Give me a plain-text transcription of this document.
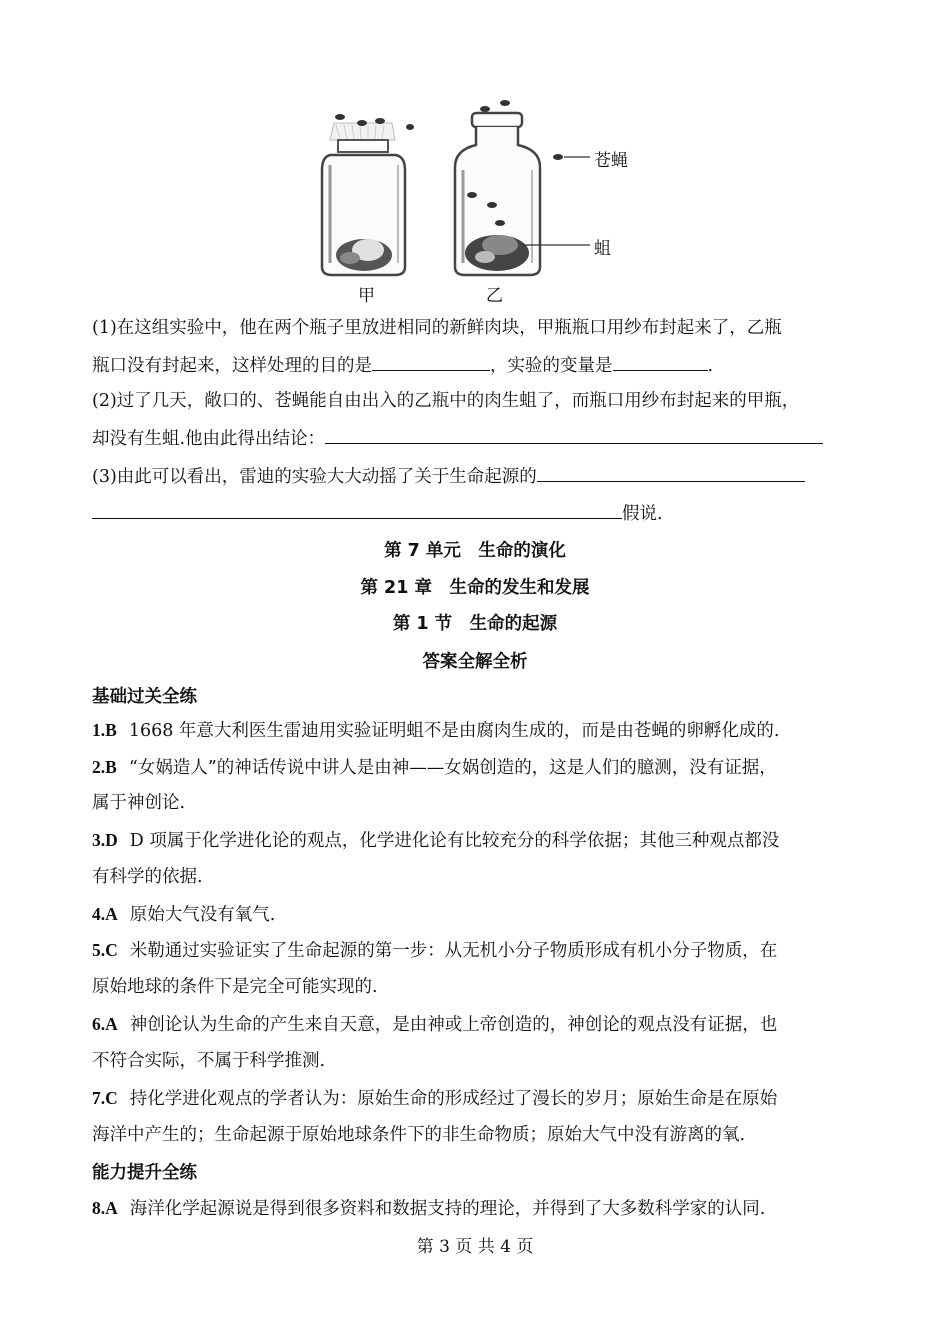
苍蝇
蛆
甲	乙
(1)在这组实验中，他在两个瓶子里放进相同的新鲜肉块，甲瓶瓶口用纱布封起来了，乙瓶
瓶口没有封起来，这样处理的目的是	，实验的变量是	.
(2)过了几天，敞口的、苍蝇能自由出入的乙瓶中的肉生蛆了，而瓶口用纱布封起来的甲瓶，
却没有生蛆.他由此得出结论：
(3)由此可以看出，雷迪的实验大大动摇了关于生命起源的
假说.
第 7 单元　生命的演化
第 21 章　生命的发生和发展
第 1 节　生命的起源
答案全解全析
基础过关全练
1.B 1668 年意大利医生雷迪用实验证明蛆不是由腐肉生成的，而是由苍蝇的卵孵化成的.
2.B “女娲造人”的神话传说中讲人是由神——女娲创造的，这是人们的臆测，没有证据，
属于神创论.
3.D D 项属于化学进化论的观点，化学进化论有比较充分的科学依据；其他三种观点都没
有科学的依据.
4.A 原始大气没有氧气.
5.C 米勒通过实验证实了生命起源的第一步：从无机小分子物质形成有机小分子物质，在
原始地球的条件下是完全可能实现的.
6.A 神创论认为生命的产生来自天意，是由神或上帝创造的，神创论的观点没有证据，也
不符合实际，不属于科学推测.
7.C 持化学进化观点的学者认为：原始生命的形成经过了漫长的岁月；原始生命是在原始
海洋中产生的；生命起源于原始地球条件下的非生命物质；原始大气中没有游离的氧.
能力提升全练
8.A 海洋化学起源说是得到很多资料和数据支持的理论，并得到了大多数科学家的认同.
第 3 页 共 4 页
